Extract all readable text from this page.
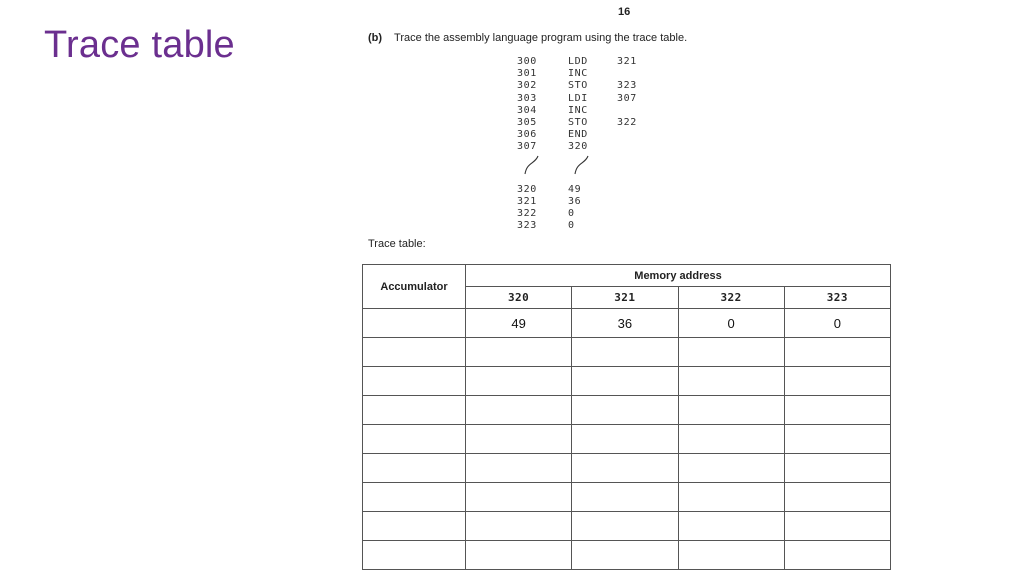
Trace table
16
(b) Trace the assembly language program using the trace table.
300	LDD	321
301	INC
302	STO	323
303	LDI	307
304	INC
305	STO	322
306	END
307	320
320	49
321	36
322	0
323	0
Trace table:
Accumulator	Memory address			
	320	321	322	323
	49	36	0	0
